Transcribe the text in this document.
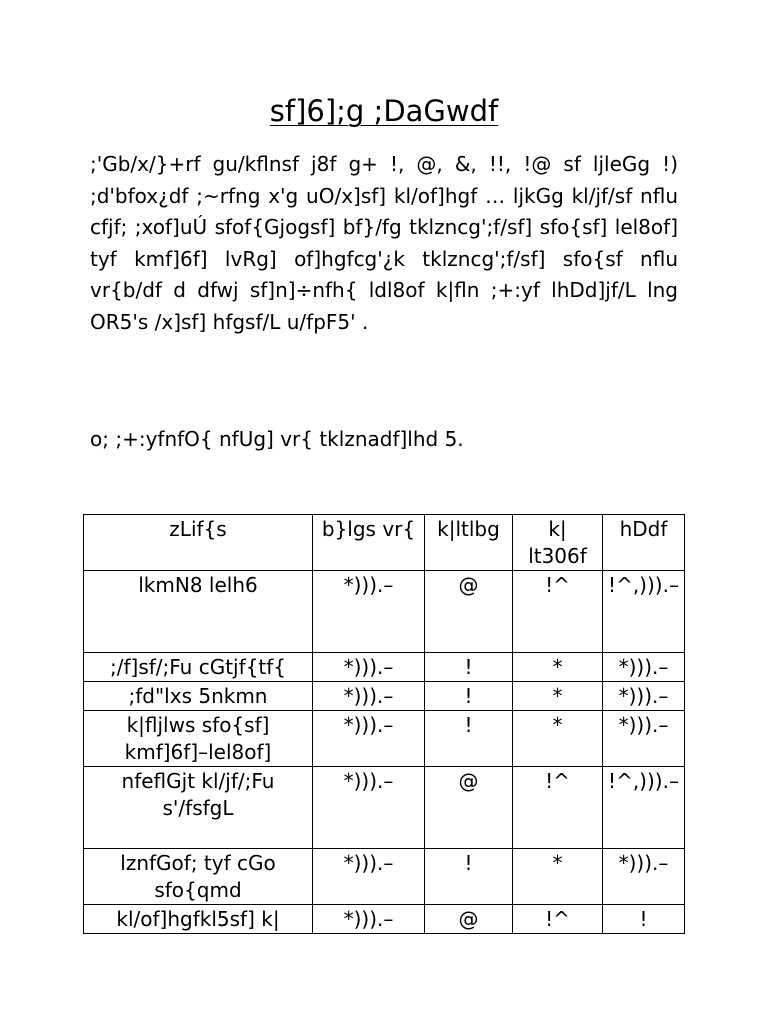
sf]6];g ;DaGwdf

;'Gb/x/}+rf gu/kflnsf j8f g+ !, @, &, !!, !@ sf ljleGg !) ;d'bfox¿df ;~rfng x'g uO/x]sf] kl/of]hgf … ljkGg kl/jf/sf nflu cfjf; ;xof]uÚ sfof{Gjogsf] bf}/fg tklzncg';f/sf] sfo{sf] lel8of] tyf kmf]6f] lvRg] of]hgfcg'¿k tklzncg';f/sf] sfo{sf nflu vr{b/df d dfwj sf]n]÷nfh{ ldl8of k|fln ;+:yf lhDd]jf/L lng OR5's /x]sf] hfgsf/L u/fpF5' .

o; ;+:yfnfO{ nfUg] vr{ tklznadf]lhd 5.

zLif{s	b}lgs vr{	k|ltlbg	k| lt306f	hDdf
lkmN8 lelh6	*))).–	@	!^	!^,))).–
;/f]sf/;Fu cGtjf{tf{	*))).–	!	*	*))).–
;fd"lxs 5nkmn	*))).–	!	*	*))).–
k|fljlws sfo{sf] kmf]6f]–lel8of]	*))).–	!	*	*))).–
nfeflGjt kl/jf/;Fu s'/fsfgL	*))).–	@	!^	!^,))).–
lznfGof; tyf cGo sfo{qmd	*))).–	!	*	*))).–
kl/of]hgfkl5sf] k|	*))).–	@	!^	!
